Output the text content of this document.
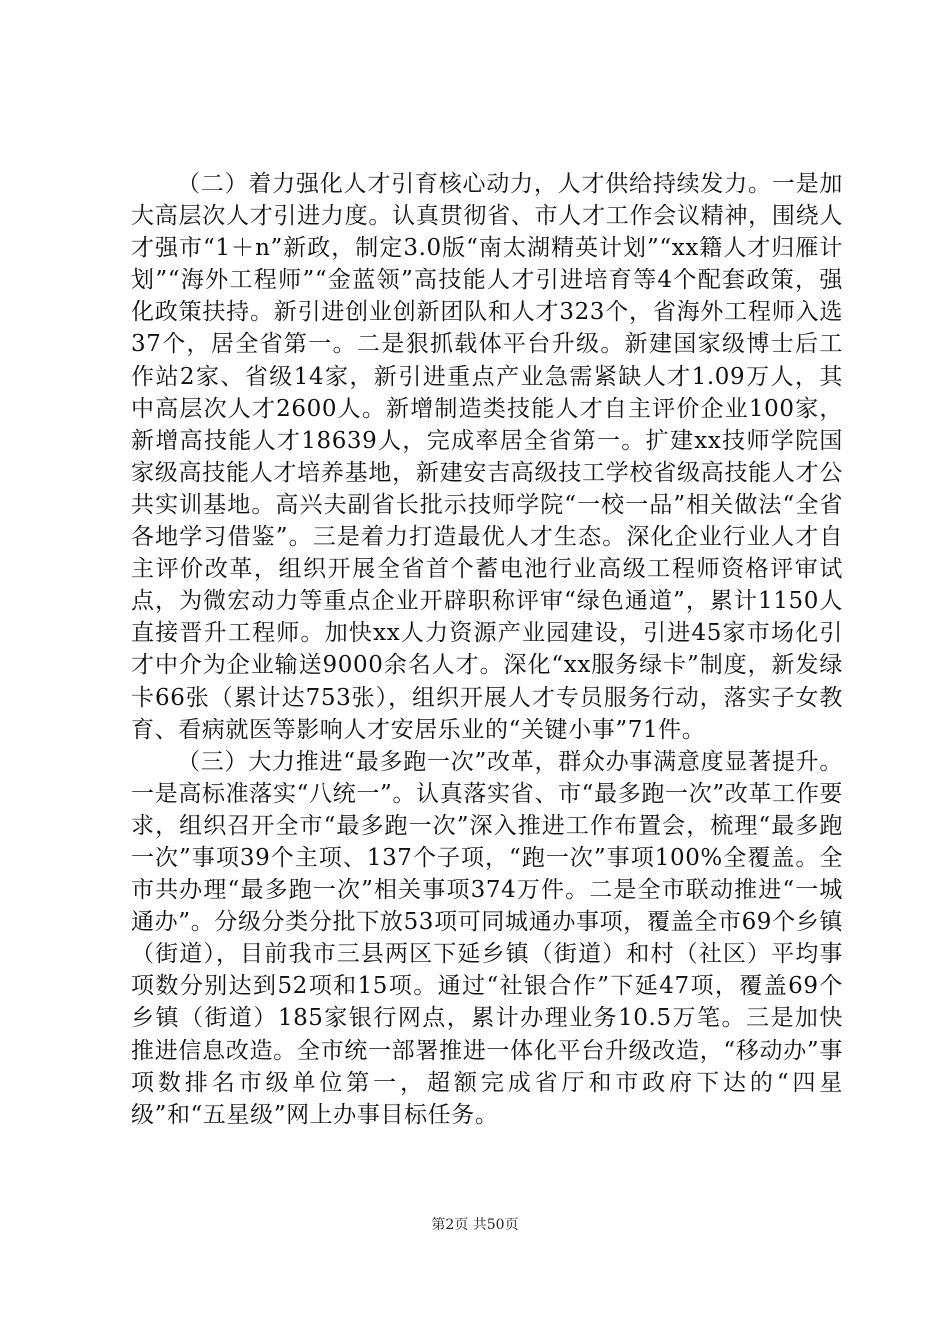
（二）着力强化人才引育核心动力，人才供给持续发力。一是加大高层次人才引进力度。认真贯彻省、市人才工作会议精神，围绕人才强市“1＋n”新政，制定3.0版“南太湖精英计划”“xx籍人才归雁计划”“海外工程师”“金蓝领”高技能人才引进培育等4个配套政策，强化政策扶持。新引进创业创新团队和人才323个，省海外工程师入选37个，居全省第一。二是狠抓载体平台升级。新建国家级博士后工作站2家、省级14家，新引进重点产业急需紧缺人才1.09万人，其中高层次人才2600人。新增制造类技能人才自主评价企业100家，新增高技能人才18639人，完成率居全省第一。扩建xx技师学院国家级高技能人才培养基地，新建安吉高级技工学校省级高技能人才公共实训基地。高兴夫副省长批示技师学院“一校一品”相关做法“全省各地学习借鉴”。三是着力打造最优人才生态。深化企业行业人才自主评价改革，组织开展全省首个蓄电池行业高级工程师资格评审试点，为微宏动力等重点企业开辟职称评审“绿色通道”，累计1150人直接晋升工程师。加快xx人力资源产业园建设，引进45家市场化引才中介为企业输送9000余名人才。深化“xx服务绿卡”制度，新发绿卡66张（累计达753张），组织开展人才专员服务行动，落实子女教育、看病就医等影响人才安居乐业的“关键小事”71件。

（三）大力推进“最多跑一次”改革，群众办事满意度显著提升。一是高标准落实“八统一”。认真落实省、市“最多跑一次”改革工作要求，组织召开全市“最多跑一次”深入推进工作布置会，梳理“最多跑一次”事项39个主项、137个子项，“跑一次”事项100%全覆盖。全市共办理“最多跑一次”相关事项374万件。二是全市联动推进“一城通办”。分级分类分批下放53项可同城通办事项，覆盖全市69个乡镇（街道），目前我市三县两区下延乡镇（街道）和村（社区）平均事项数分别达到52项和15项。通过“社银合作”下延47项，覆盖69个乡镇（街道）185家银行网点，累计办理业务10.5万笔。三是加快推进信息改造。全市统一部署推进一体化平台升级改造，“移动办”事项数排名市级单位第一，超额完成省厅和市政府下达的“四星级”和“五星级”网上办事目标任务。

第2页 共50页
